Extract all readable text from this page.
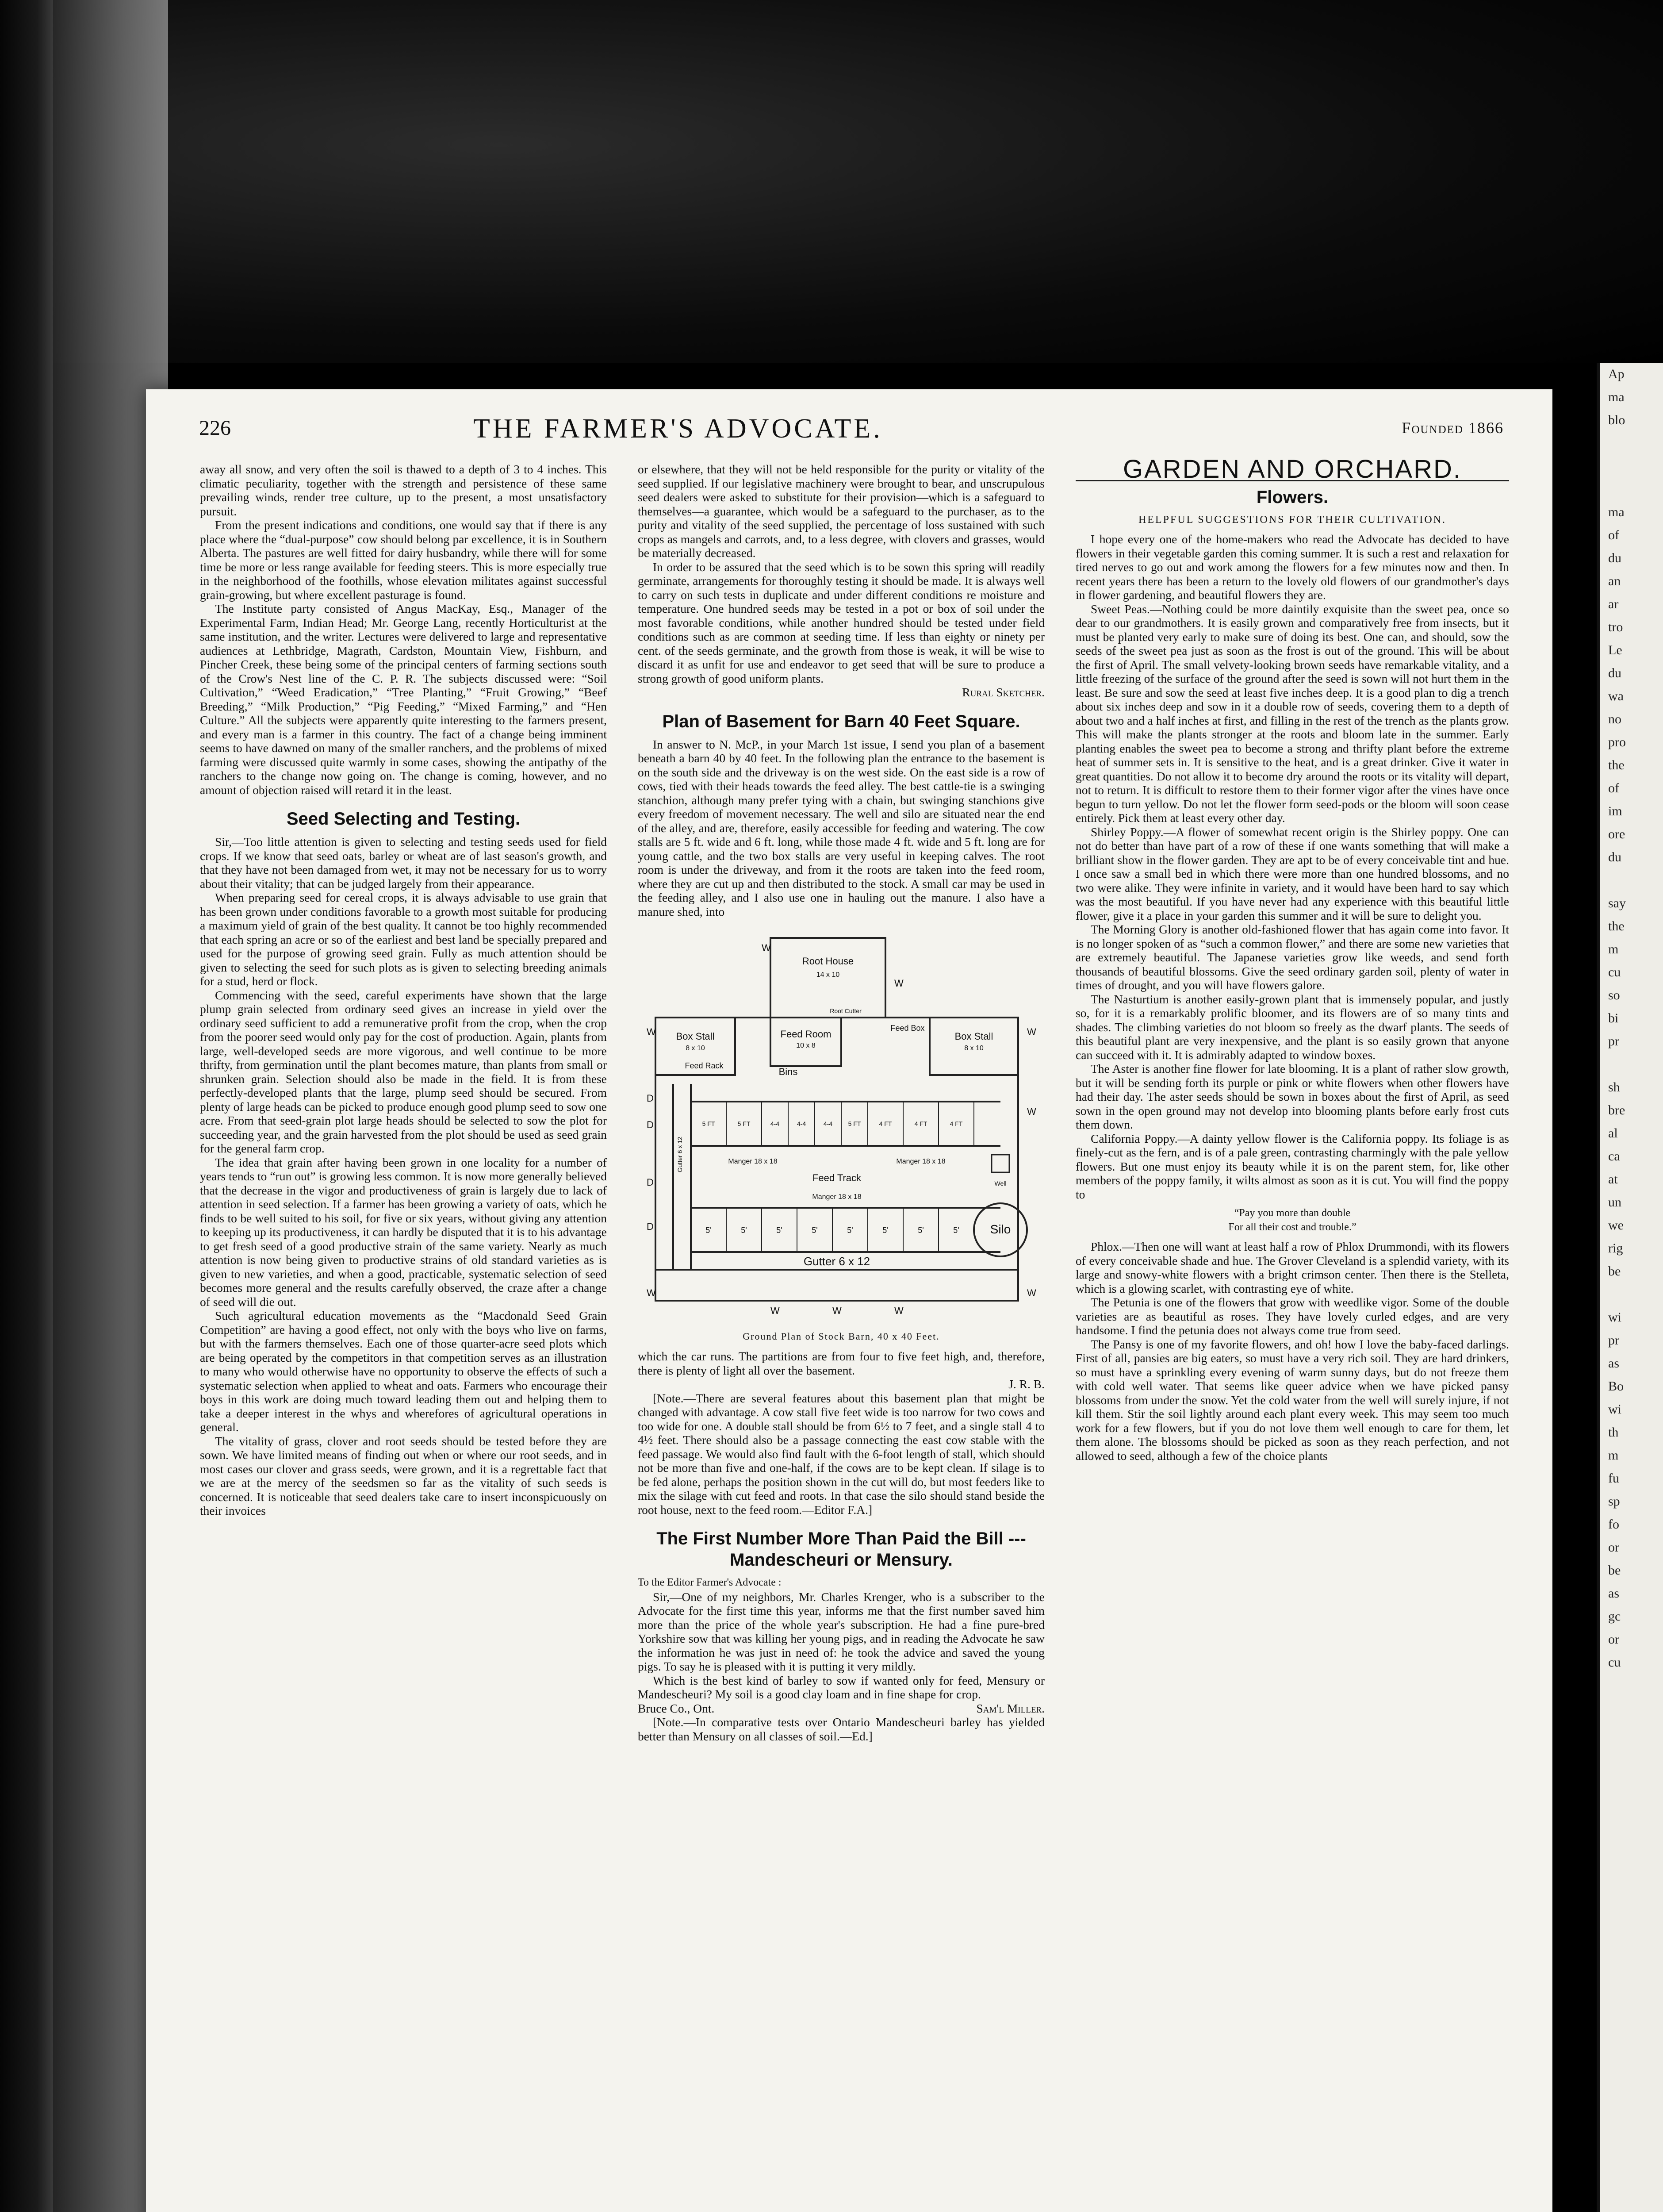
226	THE FARMER'S ADVOCATE.	Founded 1866

away all snow, and very often the soil is thawed to a depth of 3 to 4 inches. This climatic peculiarity, together with the strength and persistence of these same prevailing winds, render tree culture, up to the present, a most unsatisfactory pursuit.

From the present indications and conditions, one would say that if there is any place where the “dual-purpose” cow should belong par excellence, it is in Southern Alberta. The pastures are well fitted for dairy husbandry, while there will for some time be more or less range available for feeding steers. This is more especially true in the neighborhood of the foothills, whose elevation militates against successful grain-growing, but where excellent pasturage is found.

The Institute party consisted of Angus MacKay, Esq., Manager of the Experimental Farm, Indian Head; Mr. George Lang, recently Horticulturist at the same institution, and the writer. Lectures were delivered to large and representative audiences at Lethbridge, Magrath, Cardston, Mountain View, Fishburn, and Pincher Creek, these being some of the principal centers of farming sections south of the Crow's Nest line of the C. P. R. The subjects discussed were: “Soil Cultivation,” “Weed Eradication,” “Tree Planting,” “Fruit Growing,” “Beef Breeding,” “Milk Production,” “Pig Feeding,” “Mixed Farming,” and “Hen Culture.” All the subjects were apparently quite interesting to the farmers present, and every man is a farmer in this country. The fact of a change being imminent seems to have dawned on many of the smaller ranchers, and the problems of mixed farming were discussed quite warmly in some cases, showing the antipathy of the ranchers to the change now going on. The change is coming, however, and no amount of objection raised will retard it in the least.

Seed Selecting and Testing.

Sir,—Too little attention is given to selecting and testing seeds used for field crops. If we know that seed oats, barley or wheat are of last season's growth, and that they have not been damaged from wet, it may not be necessary for us to worry about their vitality; that can be judged largely from their appearance.

When preparing seed for cereal crops, it is always advisable to use grain that has been grown under conditions favorable to a growth most suitable for producing a maximum yield of grain of the best quality. It cannot be too highly recommended that each spring an acre or so of the earliest and best land be specially prepared and used for the purpose of growing seed grain. Fully as much attention should be given to selecting the seed for such plots as is given to selecting breeding animals for a stud, herd or flock.

Commencing with the seed, careful experiments have shown that the large plump grain selected from ordinary seed gives an increase in yield over the ordinary seed sufficient to add a remunerative profit from the crop, when the crop from the poorer seed would only pay for the cost of production. Again, plants from large, well-developed seeds are more vigorous, and well continue to be more thrifty, from germination until the plant becomes mature, than plants from small or shrunken grain. Selection should also be made in the field. It is from these perfectly-developed plants that the large, plump seed should be secured. From plenty of large heads can be picked to produce enough good plump seed to sow one acre. From that seed-grain plot large heads should be selected to sow the plot for succeeding year, and the grain harvested from the plot should be used as seed grain for the general farm crop.

The idea that grain after having been grown in one locality for a number of years tends to “run out” is growing less common. It is now more generally believed that the decrease in the vigor and productiveness of grain is largely due to lack of attention in seed selection. If a farmer has been growing a variety of oats, which he finds to be well suited to his soil, for five or six years, without giving any attention to keeping up its productiveness, it can hardly be disputed that it is to his advantage to get fresh seed of a good productive strain of the same variety. Nearly as much attention is now being given to productive strains of old standard varieties as is given to new varieties, and when a good, practicable, systematic selection of seed becomes more general and the results carefully observed, the craze after a change of seed will die out.

Such agricultural education movements as the “Macdonald Seed Grain Competition” are having a good effect, not only with the boys who live on farms, but with the farmers themselves. Each one of those quarter-acre seed plots which are being operated by the competitors in that competition serves as an illustration to many who would otherwise have no opportunity to observe the effects of such a systematic selection when applied to wheat and oats. Farmers who encourage their boys in this work are doing much toward leading them out and helping them to take a deeper interest in the whys and wherefores of agricultural operations in general.

The vitality of grass, clover and root seeds should be tested before they are sown. We have limited means of finding out when or where our root seeds, and in most cases our clover and grass seeds, were grown, and it is a regrettable fact that we are at the mercy of the seedsmen so far as the vitality of such seeds is concerned. It is noticeable that seed dealers take care to insert inconspicuously on their invoices

or elsewhere, that they will not be held responsible for the purity or vitality of the seed supplied. If our legislative machinery were brought to bear, and unscrupulous seed dealers were asked to substitute for their provision—which is a safeguard to themselves—a guarantee, which would be a safeguard to the purchaser, as to the purity and vitality of the seed supplied, the percentage of loss sustained with such crops as mangels and carrots, and, to a less degree, with clovers and grasses, would be materially decreased.

In order to be assured that the seed which is to be sown this spring will readily germinate, arrangements for thoroughly testing it should be made. It is always well to carry on such tests in duplicate and under different conditions re moisture and temperature. One hundred seeds may be tested in a pot or box of soil under the most favorable conditions, while another hundred should be tested under field conditions such as are common at seeding time. If less than eighty or ninety per cent. of the seeds germinate, and the growth from those is weak, it will be wise to discard it as unfit for use and endeavor to get seed that will be sure to produce a strong growth of good uniform plants.

Rural Sketcher.
Plan of Basement for Barn 40 Feet Square.

In answer to N. McP., in your March 1st issue, I send you plan of a basement beneath a barn 40 by 40 feet. In the following plan the entrance to the basement is on the south side and the driveway is on the west side. On the east side is a row of cows, tied with their heads towards the feed alley. The best cattle-tie is a swinging stanchion, although many prefer tying with a chain, but swinging stanchions give every freedom of movement necessary. The well and silo are situated near the end of the alley, and are, therefore, easily accessible for feeding and watering. The cow stalls are 5 ft. wide and 6 ft. long, while those made 4 ft. wide and 5 ft. long are for young cattle, and the two box stalls are very useful in keeping calves. The root room is under the driveway, and from it the roots are taken into the feed room, where they are cut up and then distributed to the stock. A small car may be used in the feeding alley, and I also use one in hauling out the manure. I also have a manure shed, into

Root House
14 x 10
Box Stall
8 x 10
Box Stall
8 x 10
Feed Room
10 x 8
Root Cutter
Feed Box
Feed Rack
Bins
Manger 18 x 18	Manger 18 x 18
Feed Track
Manger 18 x 18
Gutter 6 x 12
Silo
Well
Gutter 6 x 12
5 FT	5 FT	4-4	4-4	4-4	5 FT	4 FT	4 FT	4 FT
5'	5'	5'	5'	5'	5'	5'	5'
W
W
W	W
W
W
W
W	W	W
D
D
D
D
Ground Plan of Stock Barn, 40 x 40 Feet.

which the car runs. The partitions are from four to five feet high, and, therefore, there is plenty of light all over the basement.

J. R. B.

[Note.—There are several features about this basement plan that might be changed with advantage. A cow stall five feet wide is too narrow for two cows and too wide for one. A double stall should be from 6½ to 7 feet, and a single stall 4 to 4½ feet. There should also be a passage connecting the east cow stable with the feed passage. We would also find fault with the 6-foot length of stall, which should not be more than five and one-half, if the cows are to be kept clean. If silage is to be fed alone, perhaps the position shown in the cut will do, but most feeders like to mix the silage with cut feed and roots. In that case the silo should stand beside the root house, next to the feed room.—Editor F.A.]

The First Number More Than Paid the Bill --- Mandescheuri or Mensury.
To the Editor Farmer's Advocate :

Sir,—One of my neighbors, Mr. Charles Krenger, who is a subscriber to the Advocate for the first time this year, informs me that the first number saved him more than the price of the whole year's subscription. He had a fine pure-bred Yorkshire sow that was killing her young pigs, and in reading the Advocate he saw the information he was just in need of: he took the advice and saved the young pigs. To say he is pleased with it is putting it very mildly.

Which is the best kind of barley to sow if wanted only for feed, Mensury or Mandescheuri? My soil is a good clay loam and in fine shape for crop.

Bruce Co., Ont.	Sam'l Miller.

[Note.—In comparative tests over Ontario Mandescheuri barley has yielded better than Mensury on all classes of soil.—Ed.]

GARDEN AND ORCHARD.
Flowers.
HELPFUL SUGGESTIONS FOR THEIR CULTIVATION.

I hope every one of the home-makers who read the Advocate has decided to have flowers in their vegetable garden this coming summer. It is such a rest and relaxation for tired nerves to go out and work among the flowers for a few minutes now and then. In recent years there has been a return to the lovely old flowers of our grandmother's days in flower gardening, and beautiful flowers they are.

Sweet Peas.—Nothing could be more daintily exquisite than the sweet pea, once so dear to our grandmothers. It is easily grown and comparatively free from insects, but it must be planted very early to make sure of doing its best. One can, and should, sow the seeds of the sweet pea just as soon as the frost is out of the ground. This will be about the first of April. The small velvety-looking brown seeds have remarkable vitality, and a little freezing of the surface of the ground after the seed is sown will not hurt them in the least. Be sure and sow the seed at least five inches deep. It is a good plan to dig a trench about six inches deep and sow in it a double row of seeds, covering them to a depth of about two and a half inches at first, and filling in the rest of the trench as the plants grow. This will make the plants stronger at the roots and bloom late in the summer. Early planting enables the sweet pea to become a strong and thrifty plant before the extreme heat of summer sets in. It is sensitive to the heat, and is a great drinker. Give it water in great quantities. Do not allow it to become dry around the roots or its vitality will depart, not to return. It is difficult to restore them to their former vigor after the vines have once begun to turn yellow. Do not let the flower form seed-pods or the bloom will soon cease entirely. Pick them at least every other day.

Shirley Poppy.—A flower of somewhat recent origin is the Shirley poppy. One can not do better than have part of a row of these if one wants something that will make a brilliant show in the flower garden. They are apt to be of every conceivable tint and hue. I once saw a small bed in which there were more than one hundred blossoms, and no two were alike. They were infinite in variety, and it would have been hard to say which was the most beautiful. If you have never had any experience with this beautiful little flower, give it a place in your garden this summer and it will be sure to delight you.

The Morning Glory is another old-fashioned flower that has again come into favor. It is no longer spoken of as “such a common flower,” and there are some new varieties that are extremely beautiful. The Japanese varieties grow like weeds, and send forth thousands of beautiful blossoms. Give the seed ordinary garden soil, plenty of water in times of drought, and you will have flowers galore.

The Nasturtium is another easily-grown plant that is immensely popular, and justly so, for it is a remarkably prolific bloomer, and its flowers are of so many tints and shades. The climbing varieties do not bloom so freely as the dwarf plants. The seeds of this beautiful plant are very inexpensive, and the plant is so easily grown that anyone can succeed with it. It is admirably adapted to window boxes.

The Aster is another fine flower for late blooming. It is a plant of rather slow growth, but it will be sending forth its purple or pink or white flowers when other flowers have had their day. The aster seeds should be sown in boxes about the first of April, as seed sown in the open ground may not develop into blooming plants before early frost cuts them down.

California Poppy.—A dainty yellow flower is the California poppy. Its foliage is as finely-cut as the fern, and is of a pale green, contrasting charmingly with the pale yellow flowers. But one must enjoy its beauty while it is on the parent stem, for, like other members of the poppy family, it wilts almost as soon as it is cut. You will find the poppy to

“Pay you more than double
For all their cost and trouble.”

Phlox.—Then one will want at least half a row of Phlox Drummondi, with its flowers of every conceivable shade and hue. The Grover Cleveland is a splendid variety, with its large and snowy-white flowers with a bright crimson center. Then there is the Stelleta, which is a glowing scarlet, with contrasting eye of white.

The Petunia is one of the flowers that grow with weedlike vigor. Some of the double varieties are as beautiful as roses. They have lovely curled edges, and are very handsome. I find the petunia does not always come true from seed.

The Pansy is one of my favorite flowers, and oh! how I love the baby-faced darlings. First of all, pansies are big eaters, so must have a very rich soil. They are hard drinkers, so must have a sprinkling every evening of warm sunny days, but do not freeze them with cold well water. That seems like queer advice when we have picked pansy blossoms from under the snow. Yet the cold water from the well will surely injure, if not kill them. Stir the soil lightly around each plant every week. This may seem too much work for a few flowers, but if you do not love them well enough to care for them, let them alone. The blossoms should be picked as soon as they reach perfection, and not allowed to seed, although a few of the choice plants

Ap
ma
blo

ma
of
du
an
ar
tro
Le
du
wa
no
pro
the
of
im
ore
du

say
the
m
cu
so
bi
pr

sh
bre
al
ca
at
un
we
rig
be

wi
pr
as
Bo
wi
th
m
fu
sp
fo
or
be
as
gc
or
cu
